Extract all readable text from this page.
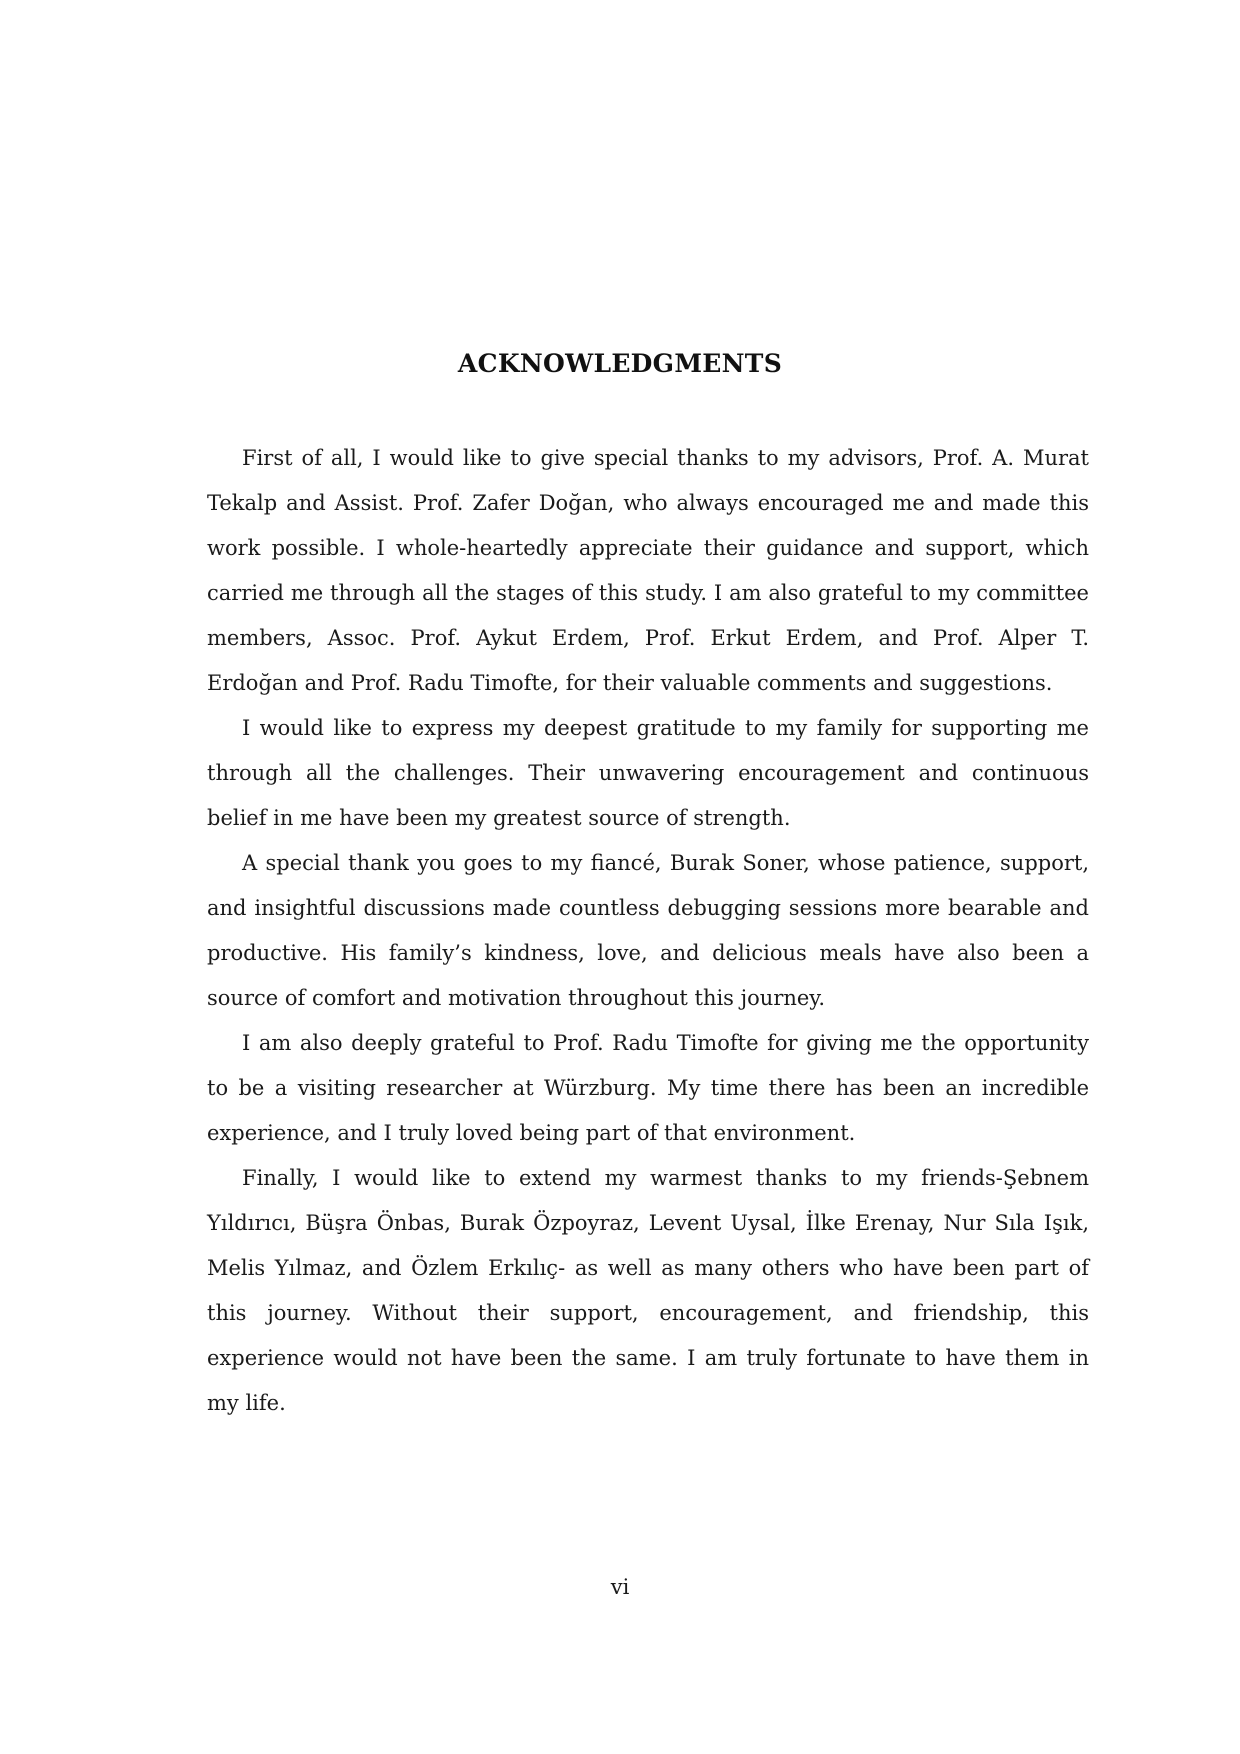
ACKNOWLEDGMENTS

First of all, I would like to give special thanks to my advisors, Prof. A. Murat Tekalp and Assist. Prof. Zafer Doğan, who always encouraged me and made this work possible. I whole-heartedly appreciate their guidance and support, which carried me through all the stages of this study. I am also grateful to my committee members, Assoc. Prof. Aykut Erdem, Prof. Erkut Erdem, and Prof. Alper T. Erdoğan and Prof. Radu Timofte, for their valuable comments and suggestions.

I would like to express my deepest gratitude to my family for supporting me through all the challenges. Their unwavering encouragement and continuous belief in me have been my greatest source of strength.

A special thank you goes to my fiancé, Burak Soner, whose patience, support, and insightful discussions made countless debugging sessions more bearable and productive. His family’s kindness, love, and delicious meals have also been a source of comfort and motivation throughout this journey.

I am also deeply grateful to Prof. Radu Timofte for giving me the opportunity to be a visiting researcher at Würzburg. My time there has been an incredible experience, and I truly loved being part of that environment.

Finally, I would like to extend my warmest thanks to my friends-Şebnem Yıldırıcı, Büşra Önbas, Burak Özpoyraz, Levent Uysal, İlke Erenay, Nur Sıla Işık, Melis Yılmaz, and Özlem Erkılıç- as well as many others who have been part of this journey. Without their support, encouragement, and friendship, this experience would not have been the same. I am truly fortunate to have them in my life.

vi
